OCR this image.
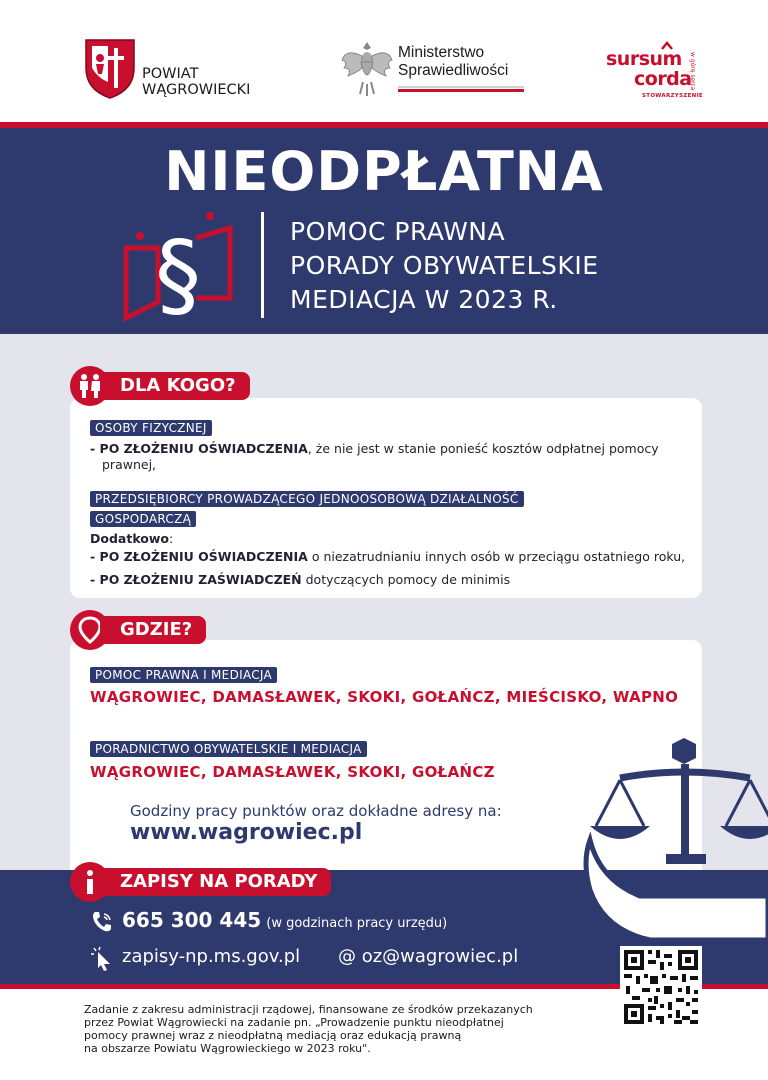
POWIAT
WĄGROWIECKI
Ministerstwo
Sprawiedliwości
sursum
corda
STOWARZYSZENIE
w górę serca
NIEODPŁATNA
§	POMOC PRAWNA
PORADY OBYWATELSKIE
MEDIACJA W 2023 R.
DLA KOGO?
OSOBY FIZYCZNEJ
- PO ZŁOŻENIU OŚWIADCZENIA, że nie jest w stanie ponieść kosztów odpłatnej pomocy
prawnej,
PRZEDSIĘBIORCY PROWADZĄCEGO JEDNOOSOBOWĄ DZIAŁALNOŚĆ
GOSPODARCZĄ
Dodatkowo:
- PO ZŁOŻENIU OŚWIADCZENIA o niezatrudnianiu innych osób w przeciągu ostatniego roku,
- PO ZŁOŻENIU ZAŚWIADCZEŃ dotyczących pomocy de minimis
GDZIE?
POMOC PRAWNA I MEDIACJA
WĄGROWIEC, DAMASŁAWEK, SKOKI, GOŁAŃCZ, MIEŚCISKO, WAPNO
PORADNICTWO OBYWATELSKIE I MEDIACJA
WĄGROWIEC, DAMASŁAWEK, SKOKI, GOŁAŃCZ
Godziny pracy punktów oraz dokładne adresy na:
www.wagrowiec.pl
ZAPISY NA PORADY
665 300 445 (w godzinach pracy urzędu)
zapisy-np.ms.gov.pl @ oz@wagrowiec.pl
Zadanie z zakresu administracji rządowej, finansowane ze środków przekazanych
przez Powiat Wągrowiecki na zadanie pn. „Prowadzenie punktu nieodpłatnej
pomocy prawnej wraz z nieodpłatną mediacją oraz edukacją prawną
na obszarze Powiatu Wągrowieckiego w 2023 roku".
